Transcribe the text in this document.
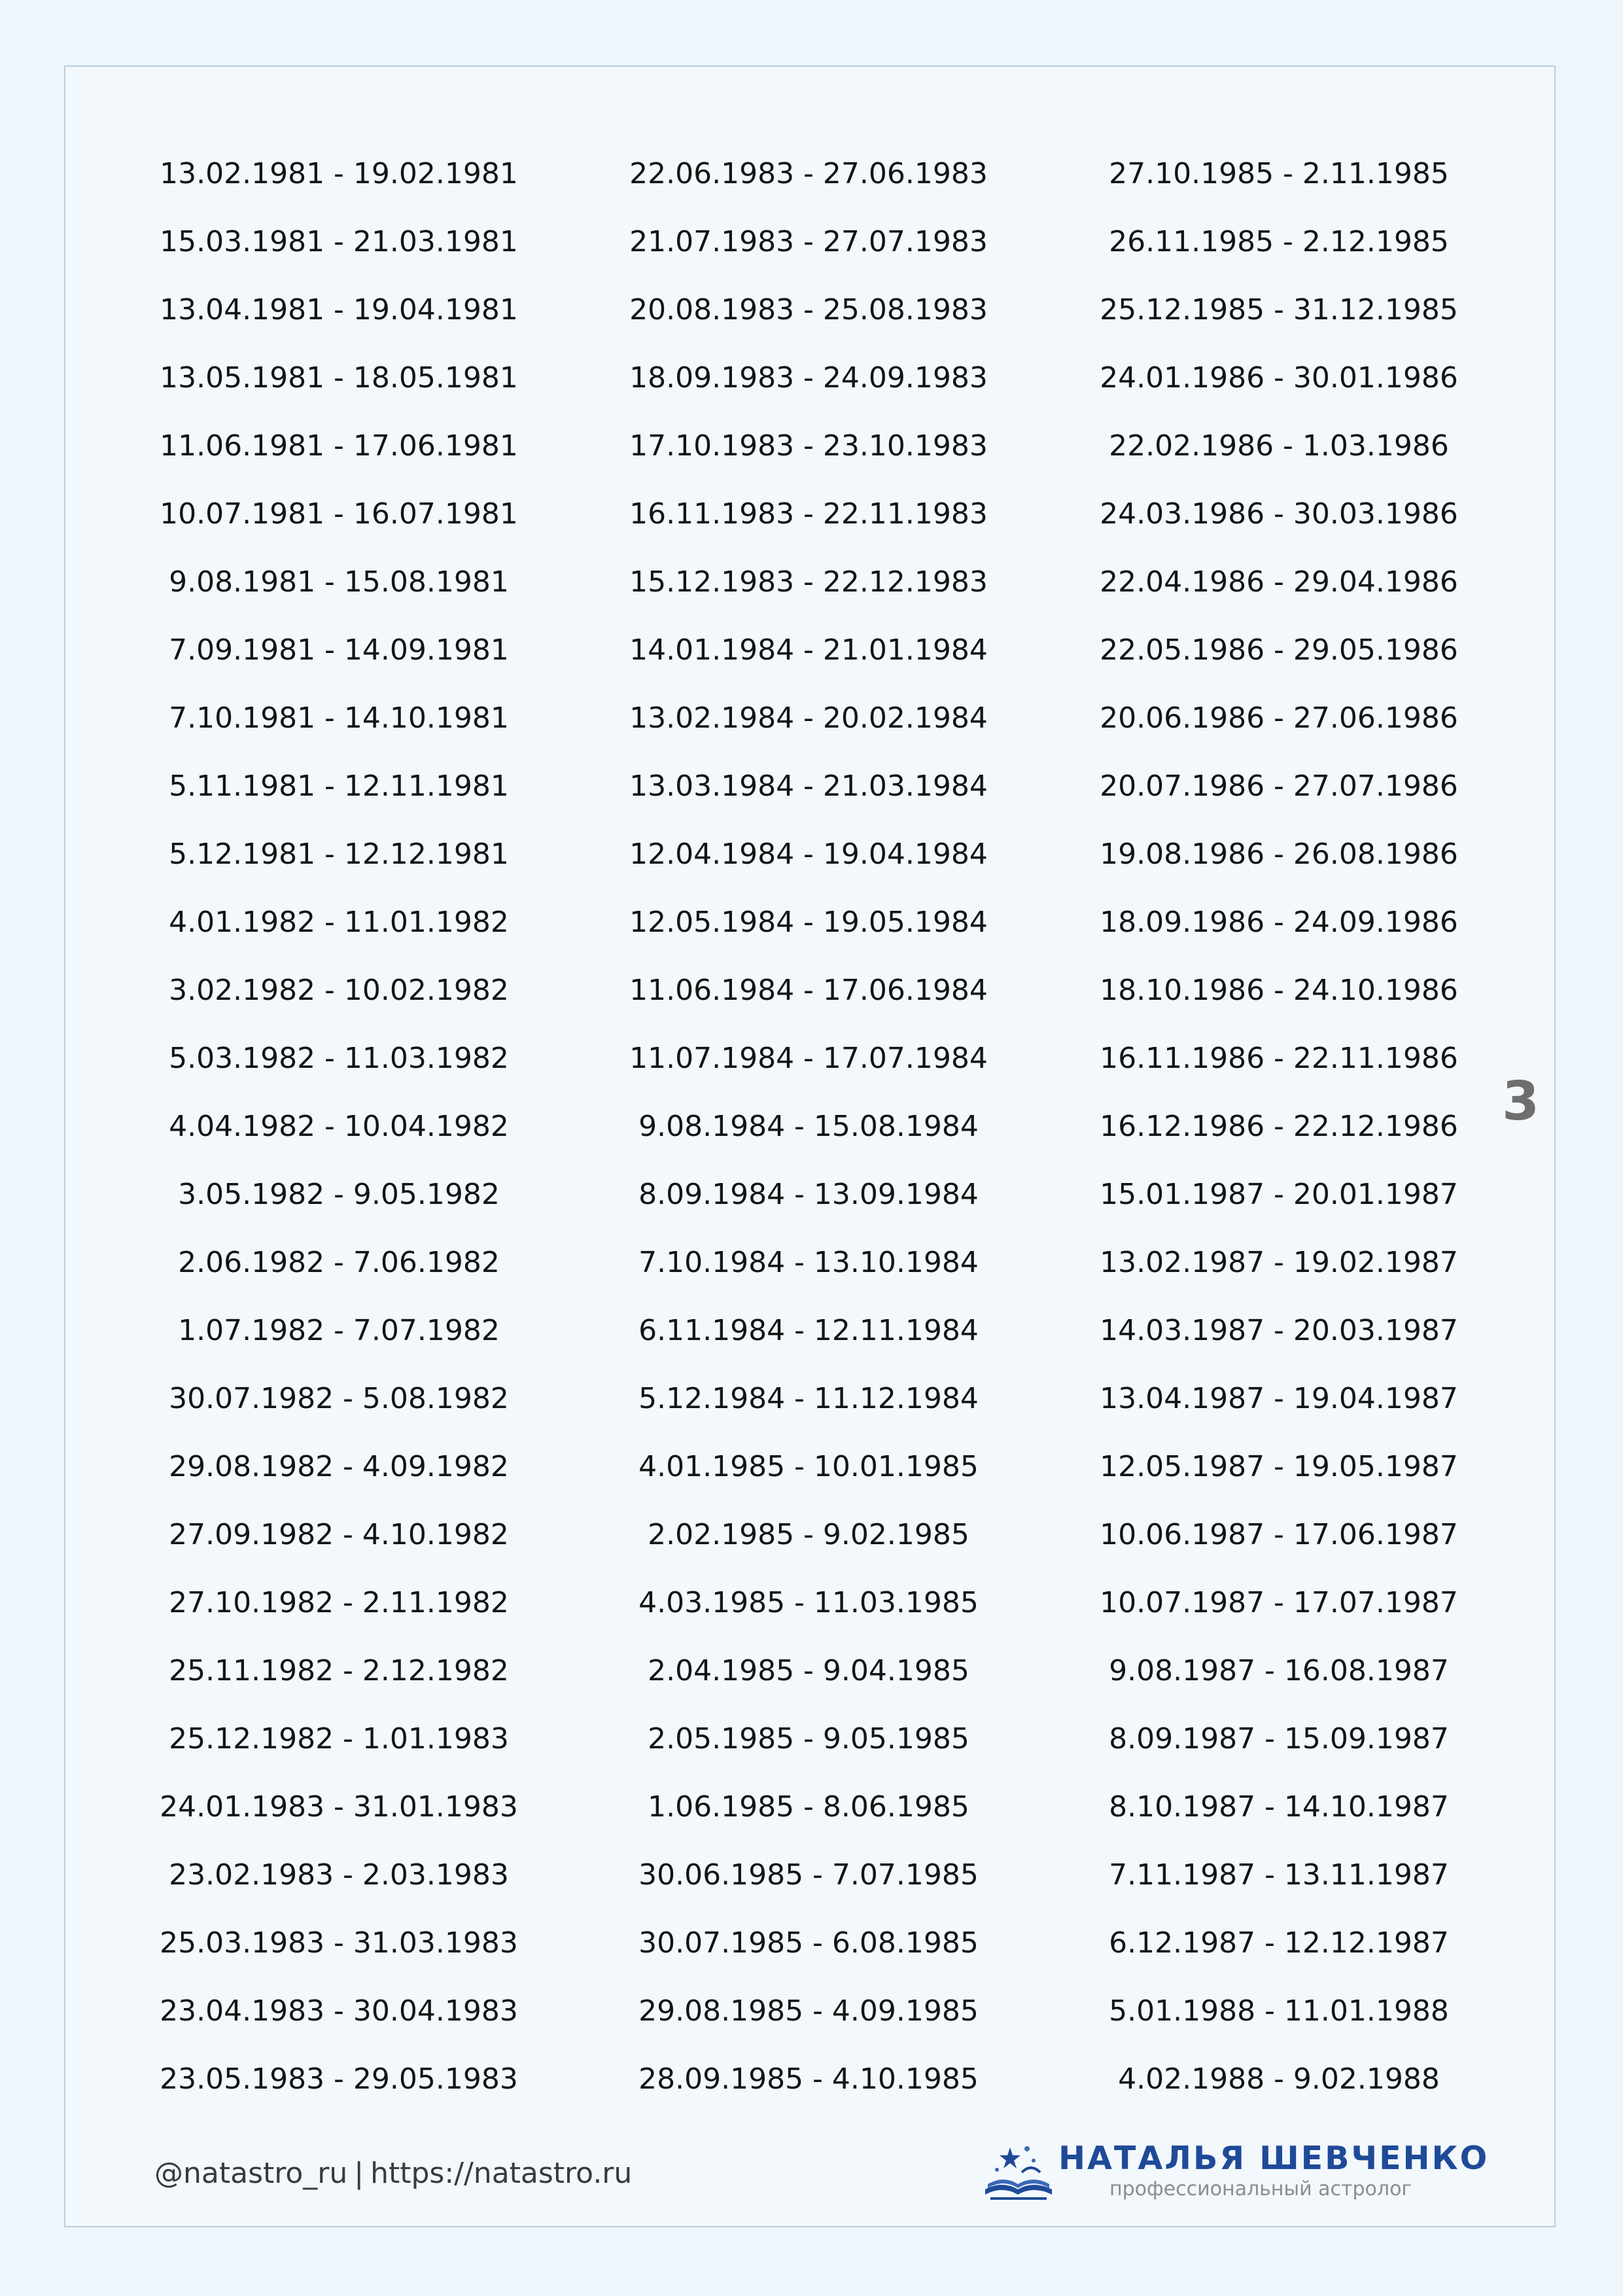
13.02.1981 - 19.02.1981
15.03.1981 - 21.03.1981
13.04.1981 - 19.04.1981
13.05.1981 - 18.05.1981
11.06.1981 - 17.06.1981
10.07.1981 - 16.07.1981
9.08.1981 - 15.08.1981
7.09.1981 - 14.09.1981
7.10.1981 - 14.10.1981
5.11.1981 - 12.11.1981
5.12.1981 - 12.12.1981
4.01.1982 - 11.01.1982
3.02.1982 - 10.02.1982
5.03.1982 - 11.03.1982
4.04.1982 - 10.04.1982
3.05.1982 - 9.05.1982
2.06.1982 - 7.06.1982
1.07.1982 - 7.07.1982
30.07.1982 - 5.08.1982
29.08.1982 - 4.09.1982
27.09.1982 - 4.10.1982
27.10.1982 - 2.11.1982
25.11.1982 - 2.12.1982
25.12.1982 - 1.01.1983
24.01.1983 - 31.01.1983
23.02.1983 - 2.03.1983
25.03.1983 - 31.03.1983
23.04.1983 - 30.04.1983
23.05.1983 - 29.05.1983
22.06.1983 - 27.06.1983
21.07.1983 - 27.07.1983
20.08.1983 - 25.08.1983
18.09.1983 - 24.09.1983
17.10.1983 - 23.10.1983
16.11.1983 - 22.11.1983
15.12.1983 - 22.12.1983
14.01.1984 - 21.01.1984
13.02.1984 - 20.02.1984
13.03.1984 - 21.03.1984
12.04.1984 - 19.04.1984
12.05.1984 - 19.05.1984
11.06.1984 - 17.06.1984
11.07.1984 - 17.07.1984
9.08.1984 - 15.08.1984
8.09.1984 - 13.09.1984
7.10.1984 - 13.10.1984
6.11.1984 - 12.11.1984
5.12.1984 - 11.12.1984
4.01.1985 - 10.01.1985
2.02.1985 - 9.02.1985
4.03.1985 - 11.03.1985
2.04.1985 - 9.04.1985
2.05.1985 - 9.05.1985
1.06.1985 - 8.06.1985
30.06.1985 - 7.07.1985
30.07.1985 - 6.08.1985
29.08.1985 - 4.09.1985
28.09.1985 - 4.10.1985
27.10.1985 - 2.11.1985
26.11.1985 - 2.12.1985
25.12.1985 - 31.12.1985
24.01.1986 - 30.01.1986
22.02.1986 - 1.03.1986
24.03.1986 - 30.03.1986
22.04.1986 - 29.04.1986
22.05.1986 - 29.05.1986
20.06.1986 - 27.06.1986
20.07.1986 - 27.07.1986
19.08.1986 - 26.08.1986
18.09.1986 - 24.09.1986
18.10.1986 - 24.10.1986
16.11.1986 - 22.11.1986
16.12.1986 - 22.12.1986
15.01.1987 - 20.01.1987
13.02.1987 - 19.02.1987
14.03.1987 - 20.03.1987
13.04.1987 - 19.04.1987
12.05.1987 - 19.05.1987
10.06.1987 - 17.06.1987
10.07.1987 - 17.07.1987
9.08.1987 - 16.08.1987
8.09.1987 - 15.09.1987
8.10.1987 - 14.10.1987
7.11.1987 - 13.11.1987
6.12.1987 - 12.12.1987
5.01.1988 - 11.01.1988
4.02.1988 - 9.02.1988
3
@natastro_ru | https://natastro.ru	НАТАЛЬЯ ШЕВЧЕНКО
профессиональный астролог
